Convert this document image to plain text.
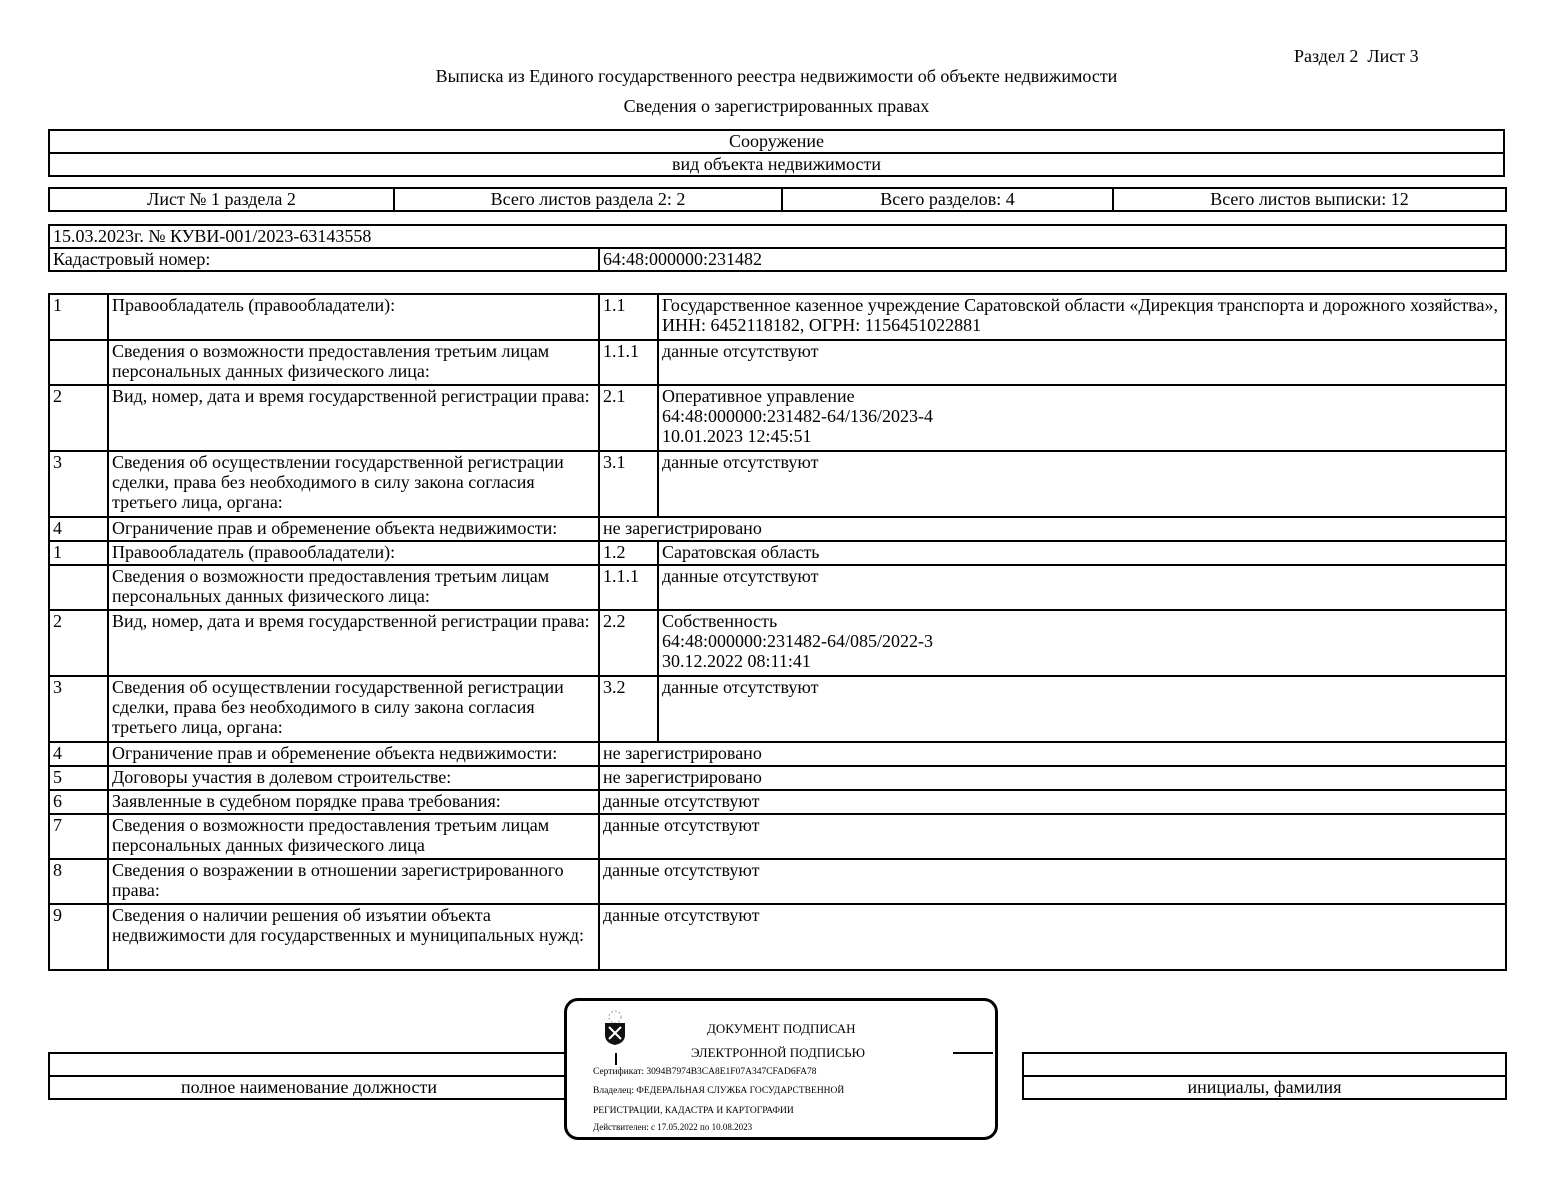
Раздел 2  Лист 3
Выписка из Единого государственного реестра недвижимости об объекте недвижимости
Сведения о зарегистрированных правах
Сооружение
вид объекта недвижимости
Лист № 1 раздела 2	Всего листов раздела 2: 2	Всего разделов: 4	Всего листов выписки: 12
15.03.2023г. № КУВИ-001/2023-63143558
Кадастровый номер:	64:48:000000:231482
1	Правообладатель (правообладатели):	1.1	Государственное казенное учреждение Саратовской области «Дирекция транспорта и дорожного хозяйства», ИНН: 6452118182, ОГРН: 1156451022881
	Сведения о возможности предоставления третьим лицам персональных данных физического лица:	1.1.1	данные отсутствуют
2	Вид, номер, дата и время государственной регистрации права:	2.1	Оперативное управление
64:48:000000:231482-64/136/2023-4
10.01.2023 12:45:51

3	Сведения об осуществлении государственной регистрации сделки, права без необходимого в силу закона согласия третьего лица, органа:	3.1	данные отсутствуют
4	Ограничение прав и обременение объекта недвижимости:	не зарегистрировано	
1	Правообладатель (правообладатели):	1.2	Саратовская область
	Сведения о возможности предоставления третьим лицам персональных данных физического лица:	1.1.1	данные отсутствуют
2	Вид, номер, дата и время государственной регистрации права:	2.2	Собственность
64:48:000000:231482-64/085/2022-3
30.12.2022 08:11:41

3	Сведения об осуществлении государственной регистрации сделки, права без необходимого в силу закона согласия третьего лица, органа:	3.2	данные отсутствуют
4	Ограничение прав и обременение объекта недвижимости:	не зарегистрировано	
5	Договоры участия в долевом строительстве:	не зарегистрировано	
6	Заявленные в судебном порядке права требования:	данные отсутствуют	
7	Сведения о возможности предоставления третьим лицам персональных данных физического лица	данные отсутствуют	
8	Сведения о возражении в отношении зарегистрированного права:	данные отсутствуют	
9	Сведения о наличии решения об изъятии объекта недвижимости для государственных и муниципальных нужд:	данные отсутствуют	

полное наименование должности		инициалы, фамилия
ДОКУМЕНТ ПОДПИСАН
ЭЛЕКТРОННОЙ ПОДПИСЬЮ
Сертификат: 3094B7974B3CA8E1F07A347CFAD6FA78
Владелец: ФЕДЕРАЛЬНАЯ СЛУЖБА ГОСУДАРСТВЕННОЙ
РЕГИСТРАЦИИ, КАДАСТРА И КАРТОГРАФИИ
Действителен: с 17.05.2022 по 10.08.2023
